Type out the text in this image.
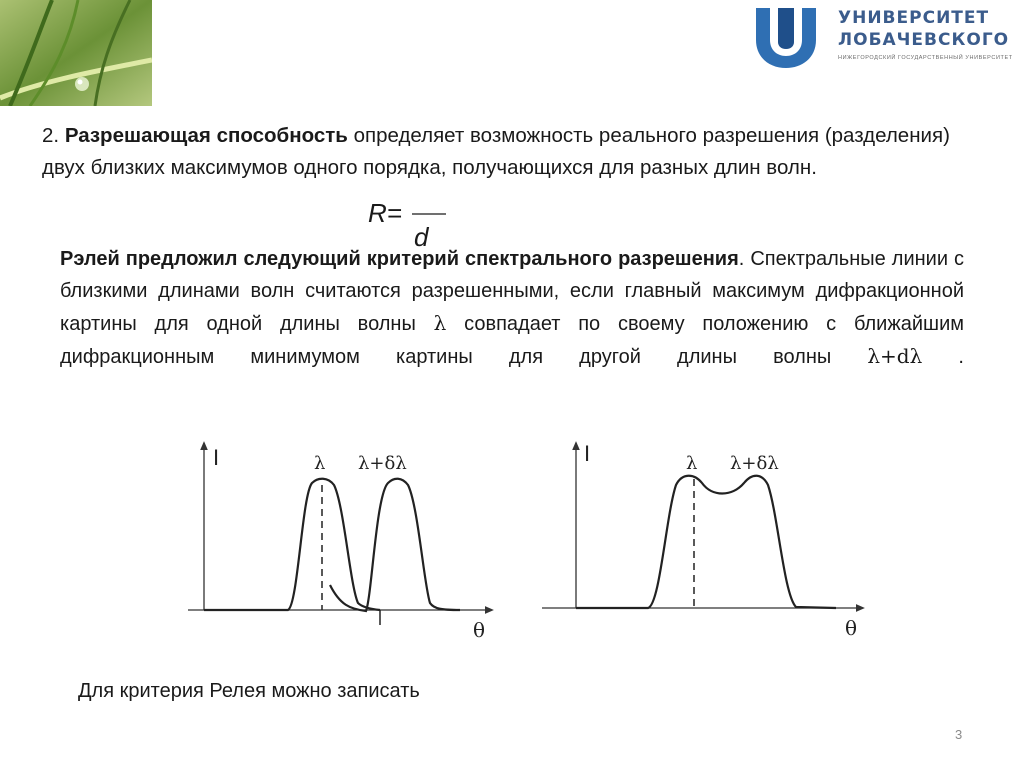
УНИВЕРСИТЕТ
ЛОБАЧЕВСКОГО
НИЖЕГОРОДСКИЙ ГОСУДАРСТВЕННЫЙ УНИВЕРСИТЕТ

2. Разрешающая способность определяет возможность реального разрешения (разделения) двух близких максимумов одного порядка, получающихся для разных длин волн.

R=
d

Рэлей предложил следующий критерий спектрального разрешения. Спектральные линии с близкими длинами волн считаются разрешенными, если главный максимум дифракционной картины для одной длины волны λ совпадает по своему положению с ближайшим дифракционным минимумом картины для другой длины волны λ+dλ .

I
θ
λ λ+δλ	I
θ
λ λ+δλ

Для критерия Релея можно записать

3
